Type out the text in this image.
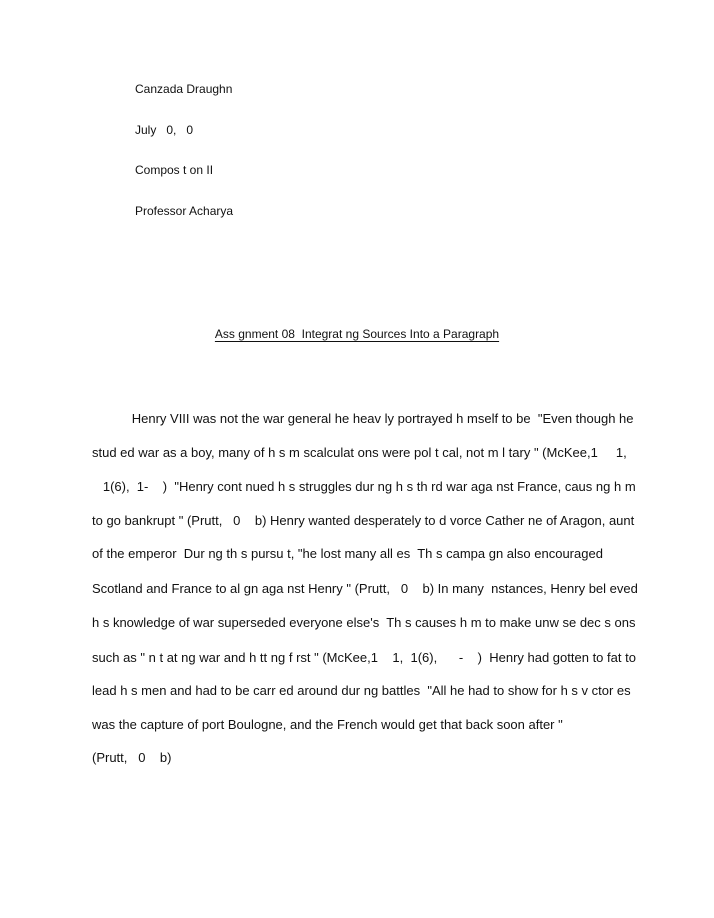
Canzada Draughn
July   0,   0
Compos t on II
Professor Acharya
Ass gnment 08  Integrat ng Sources Into a Paragraph
Henry VIII was not the war general he heav ly portrayed h mself to be  "Even though he
stud ed war as a boy, many of h s m scalculat ons were pol t cal, not m l tary " (McKee,1     1,
1(6),  1-    )  "Henry cont nued h s struggles dur ng h s th rd war aga nst France, caus ng h m
to go bankrupt " (Prutt,   0    b) Henry wanted desperately to d vorce Cather ne of Aragon, aunt
of the emperor  Dur ng th s pursu t, "he lost many all es  Th s campa gn also encouraged
Scotland and France to al gn aga nst Henry " (Prutt,   0    b) In many  nstances, Henry bel eved
h s knowledge of war superseded everyone else's  Th s causes h m to make unw se dec s ons
such as " n t at ng war and h tt ng f rst " (McKee,1    1,  1(6),      -    )  Henry had gotten to fat to
lead h s men and had to be carr ed around dur ng battles  "All he had to show for h s v ctor es
was the capture of port Boulogne, and the French would get that back soon after "
(Prutt,   0    b)
